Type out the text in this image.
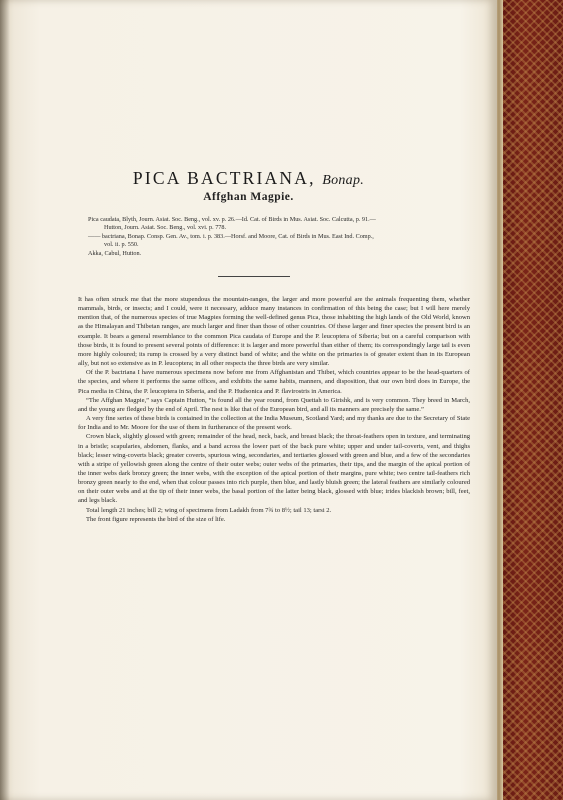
PICA BACTRIANA, Bonap.
Affghan Magpie.
Pica caudata, Blyth, Journ. Asiat. Soc. Beng., vol. xv. p. 26.—Id. Cat. of Birds in Mus. Asiat. Soc. Calcutta, p. 91.—
Hutton, Journ. Asiat. Soc. Beng., vol. xvi. p. 778.
—— bactriana, Bonap. Consp. Gen. Av., tom. i. p. 383.—Horsf. and Moore, Cat. of Birds in Mus. East Ind. Comp.,
vol. ii. p. 550.
Akka, Cabul, Hutton.

It has often struck me that the more stupendous the mountain-ranges, the larger and more powerful are the animals frequenting them, whether mammals, birds, or insects; and I could, were it necessary, adduce many instances in confirmation of this being the case; but I will here merely mention that, of the numerous species of true Magpies forming the well-defined genus Pica, those inhabiting the high lands of the Old World, known as the Himalayan and Thibetan ranges, are much larger and finer than those of other countries. Of these larger and finer species the present bird is an example. It bears a general resemblance to the common Pica caudata of Europe and the P. leucoptera of Siberia; but on a careful comparison with those birds, it is found to present several points of difference: it is larger and more powerful than either of them; its correspondingly large tail is even more highly coloured; its rump is crossed by a very distinct band of white; and the white on the primaries is of greater extent than in its European ally, but not so extensive as in P. leucoptera; in all other respects the three birds are very similar.

Of the P. bactriana I have numerous specimens now before me from Affghanistan and Thibet, which countries appear to be the head-quarters of the species, and where it performs the same offices, and exhibits the same habits, manners, and disposition, that our own bird does in Europe, the Pica media in China, the P. leucoptera in Siberia, and the P. Hudsonica and P. flavirostris in America.

“The Affghan Magpie,” says Captain Hutton, “is found all the year round, from Quettah to Girishk, and is very common. They breed in March, and the young are fledged by the end of April. The nest is like that of the European bird, and all its manners are precisely the same.”

A very fine series of these birds is contained in the collection at the India Museum, Scotland Yard; and my thanks are due to the Secretary of State for India and to Mr. Moore for the use of them in furtherance of the present work.

Crown black, slightly glossed with green; remainder of the head, neck, back, and breast black; the throat-feathers open in texture, and terminating in a bristle; scapularies, abdomen, flanks, and a band across the lower part of the back pure white; upper and under tail-coverts, vent, and thighs black; lesser wing-coverts black; greater coverts, spurious wing, secondaries, and tertiaries glossed with green and blue, and a few of the secondaries with a stripe of yellowish green along the centre of their outer webs; outer webs of the primaries, their tips, and the margin of the apical portion of the inner webs dark bronzy green; the inner webs, with the exception of the apical portion of their margins, pure white; two centre tail-feathers rich bronzy green nearly to the end, when that colour passes into rich purple, then blue, and lastly bluish green; the lateral feathers are similarly coloured on their outer webs and at the tip of their inner webs, the basal portion of the latter being black, glossed with blue; irides blackish brown; bill, feet, and legs black.

Total length 21 inches; bill 2; wing of specimens from Ladakh from 7¾ to 8½; tail 13; tarsi 2.

The front figure represents the bird of the size of life.
